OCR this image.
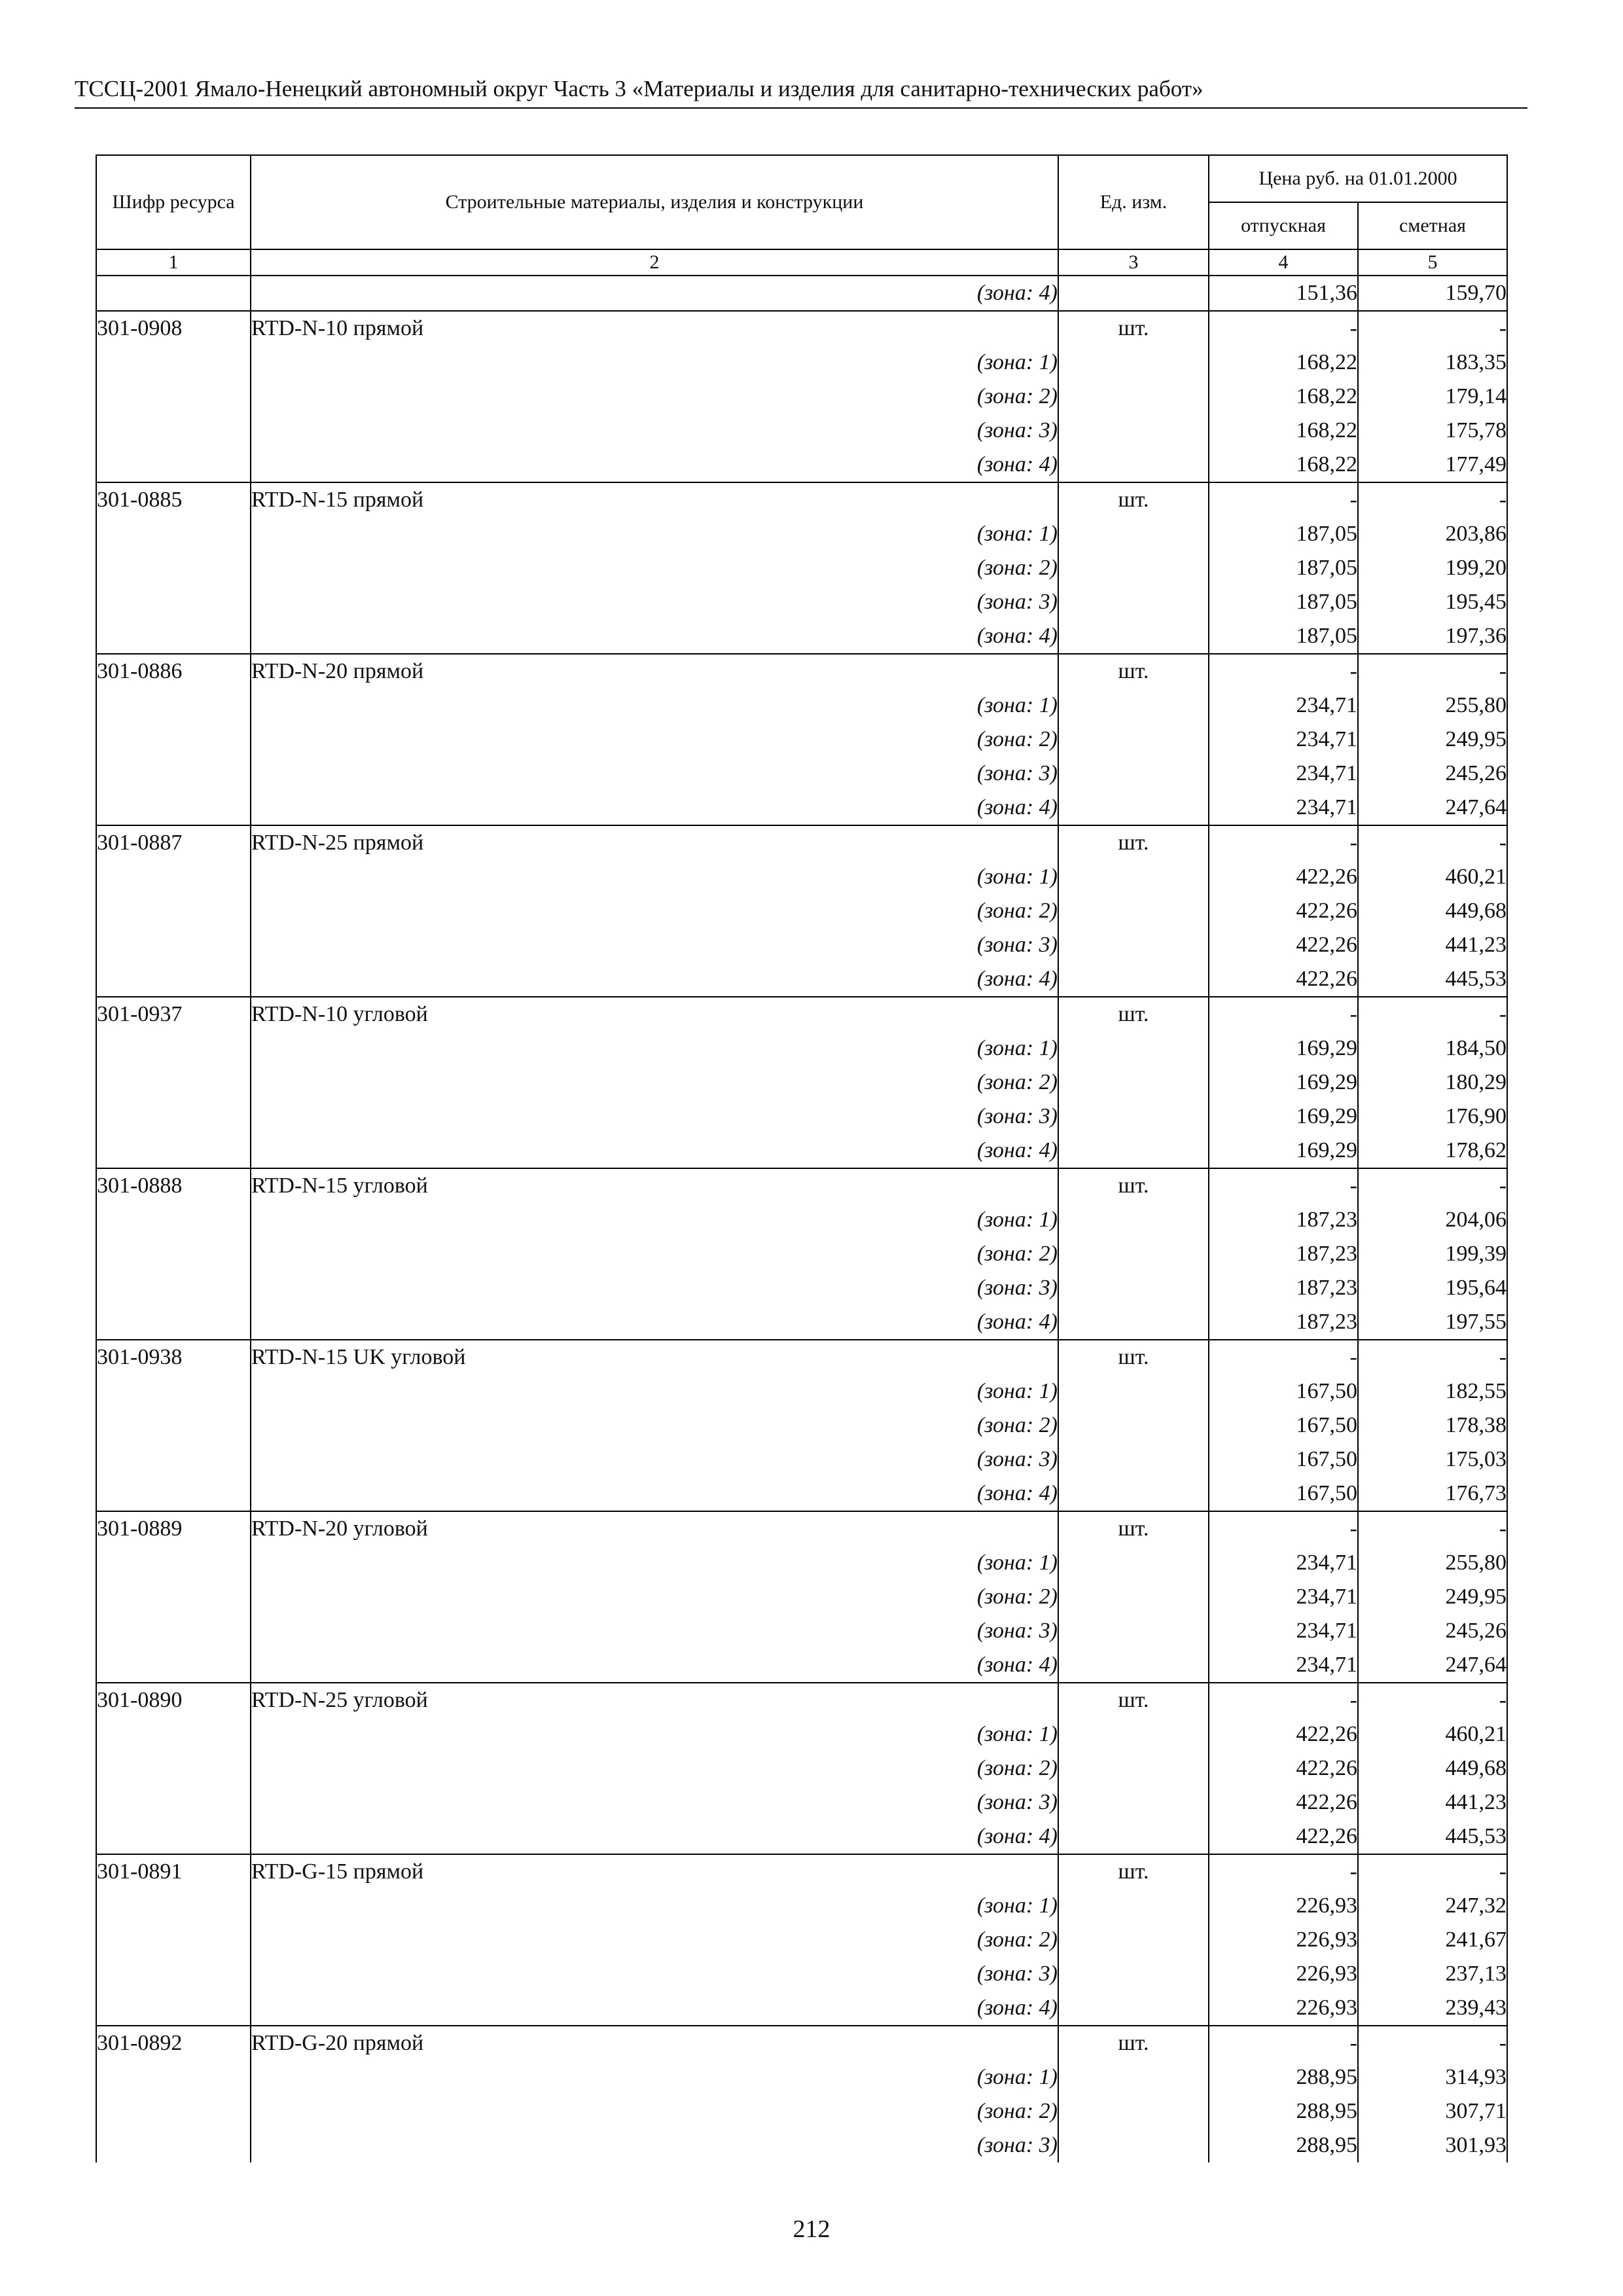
ТССЦ-2001 Ямало-Ненецкий автономный округ Часть 3 «Материалы и изделия для санитарно-технических работ»
Шифр ресурса	Строительные материалы, изделия и конструкции	Ед. изм.	Цена руб. на 01.01.2000	
			отпускная	сметная
1	2	3	4	5
	(зона: 4)		151,36	159,70
301-0908	RTD-N-10 прямой	шт.	-	-
	(зона: 1)		168,22	183,35
	(зона: 2)		168,22	179,14
	(зона: 3)		168,22	175,78
	(зона: 4)		168,22	177,49
301-0885	RTD-N-15 прямой	шт.	-	-
	(зона: 1)		187,05	203,86
	(зона: 2)		187,05	199,20
	(зона: 3)		187,05	195,45
	(зона: 4)		187,05	197,36
301-0886	RTD-N-20 прямой	шт.	-	-
	(зона: 1)		234,71	255,80
	(зона: 2)		234,71	249,95
	(зона: 3)		234,71	245,26
	(зона: 4)		234,71	247,64
301-0887	RTD-N-25 прямой	шт.	-	-
	(зона: 1)		422,26	460,21
	(зона: 2)		422,26	449,68
	(зона: 3)		422,26	441,23
	(зона: 4)		422,26	445,53
301-0937	RTD-N-10 угловой	шт.	-	-
	(зона: 1)		169,29	184,50
	(зона: 2)		169,29	180,29
	(зона: 3)		169,29	176,90
	(зона: 4)		169,29	178,62
301-0888	RTD-N-15 угловой	шт.	-	-
	(зона: 1)		187,23	204,06
	(зона: 2)		187,23	199,39
	(зона: 3)		187,23	195,64
	(зона: 4)		187,23	197,55
301-0938	RTD-N-15 UK угловой	шт.	-	-
	(зона: 1)		167,50	182,55
	(зона: 2)		167,50	178,38
	(зона: 3)		167,50	175,03
	(зона: 4)		167,50	176,73
301-0889	RTD-N-20 угловой	шт.	-	-
	(зона: 1)		234,71	255,80
	(зона: 2)		234,71	249,95
	(зона: 3)		234,71	245,26
	(зона: 4)		234,71	247,64
301-0890	RTD-N-25 угловой	шт.	-	-
	(зона: 1)		422,26	460,21
	(зона: 2)		422,26	449,68
	(зона: 3)		422,26	441,23
	(зона: 4)		422,26	445,53
301-0891	RTD-G-15 прямой	шт.	-	-
	(зона: 1)		226,93	247,32
	(зона: 2)		226,93	241,67
	(зона: 3)		226,93	237,13
	(зона: 4)		226,93	239,43
301-0892	RTD-G-20 прямой	шт.	-	-
	(зона: 1)		288,95	314,93
	(зона: 2)		288,95	307,71
	(зона: 3)		288,95	301,93
212
